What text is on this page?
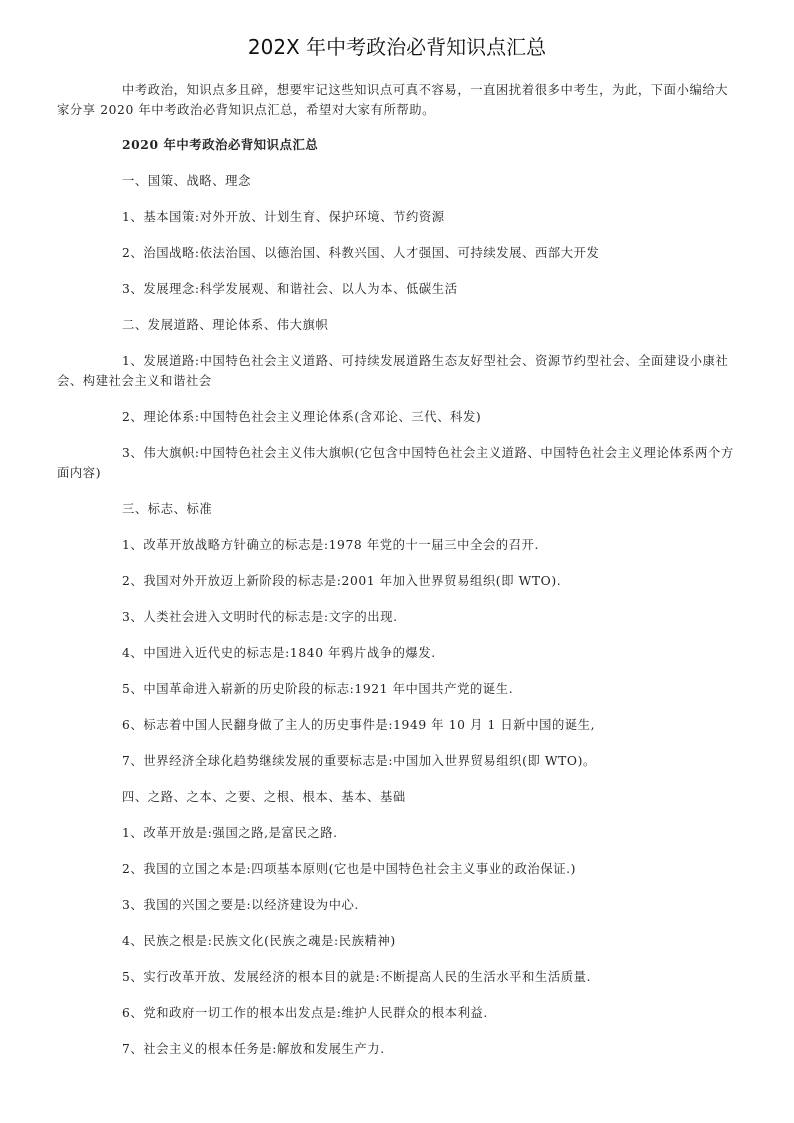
202X 年中考政治必背知识点汇总

中考政治，知识点多且碎，想要牢记这些知识点可真不容易，一直困扰着很多中考生，为此，下面小编给大家分享 2020 年中考政治必背知识点汇总，希望对大家有所帮助。

2020 年中考政治必背知识点汇总

一、国策、战略、理念

1、基本国策:对外开放、计划生育、保护环境、节约资源

2、治国战略:依法治国、以德治国、科教兴国、人才强国、可持续发展、西部大开发

3、发展理念:科学发展观、和谐社会、以人为本、低碳生活

二、发展道路、理论体系、伟大旗帜

1、发展道路:中国特色社会主义道路、可持续发展道路生态友好型社会、资源节约型社会、全面建设小康社会、构建社会主义和谐社会

2、理论体系:中国特色社会主义理论体系(含邓论、三代、科发)

3、伟大旗帜:中国特色社会主义伟大旗帜(它包含中国特色社会主义道路、中国特色社会主义理论体系两个方面内容)

三、标志、标准

1、改革开放战略方针确立的标志是:1978 年党的十一届三中全会的召开.

2、我国对外开放迈上新阶段的标志是:2001 年加入世界贸易组织(即 WTO).

3、人类社会进入文明时代的标志是:文字的出现.

4、中国进入近代史的标志是:1840 年鸦片战争的爆发.

5、中国革命进入崭新的历史阶段的标志:1921 年中国共产党的诞生.

6、标志着中国人民翻身做了主人的历史事件是:1949 年 10 月 1 日新中国的诞生,

7、世界经济全球化趋势继续发展的重要标志是:中国加入世界贸易组织(即 WTO)。

四、之路、之本、之要、之根、根本、基本、基础

1、改革开放是:强国之路,是富民之路.

2、我国的立国之本是:四项基本原则(它也是中国特色社会主义事业的政治保证.)

3、我国的兴国之要是:以经济建设为中心.

4、民族之根是:民族文化(民族之魂是:民族精神)

5、实行改革开放、发展经济的根本目的就是:不断提高人民的生活水平和生活质量.

6、党和政府一切工作的根本出发点是:维护人民群众的根本利益.

7、社会主义的根本任务是:解放和发展生产力.
